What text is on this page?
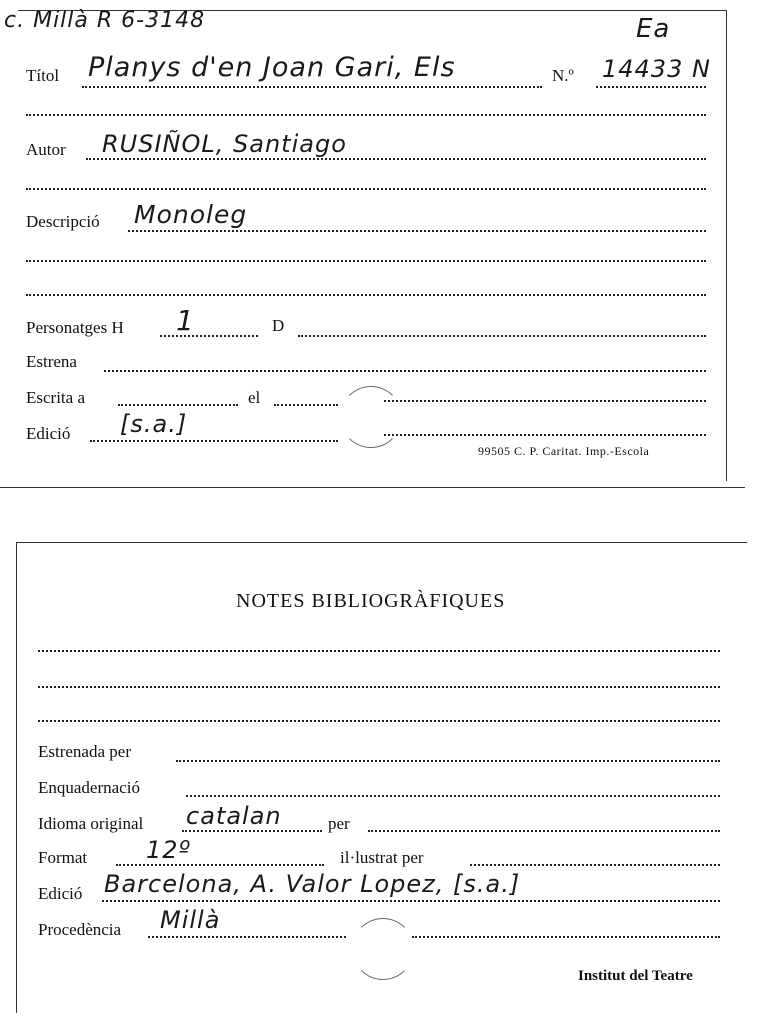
c. Millà R 6-3148	Ea
Títol Planys d'en Joan Gari, Els	N.º 14433 N
Autor RUSIÑOL, Santiago
Descripció Monoleg
Personatges H 1	D
Estrena
Escrita a	el
Edició [s.a.]
99505 C. P. Caritat. Imp.-Escola
NOTES BIBLIOGRÀFIQUES
Estrenada per
Enquadernació
Idioma original catalan	per
Format 12º	il·lustrat per
Edició Barcelona, A. Valor Lopez, [s.a.]
Procedència Millà
Institut del Teatre
